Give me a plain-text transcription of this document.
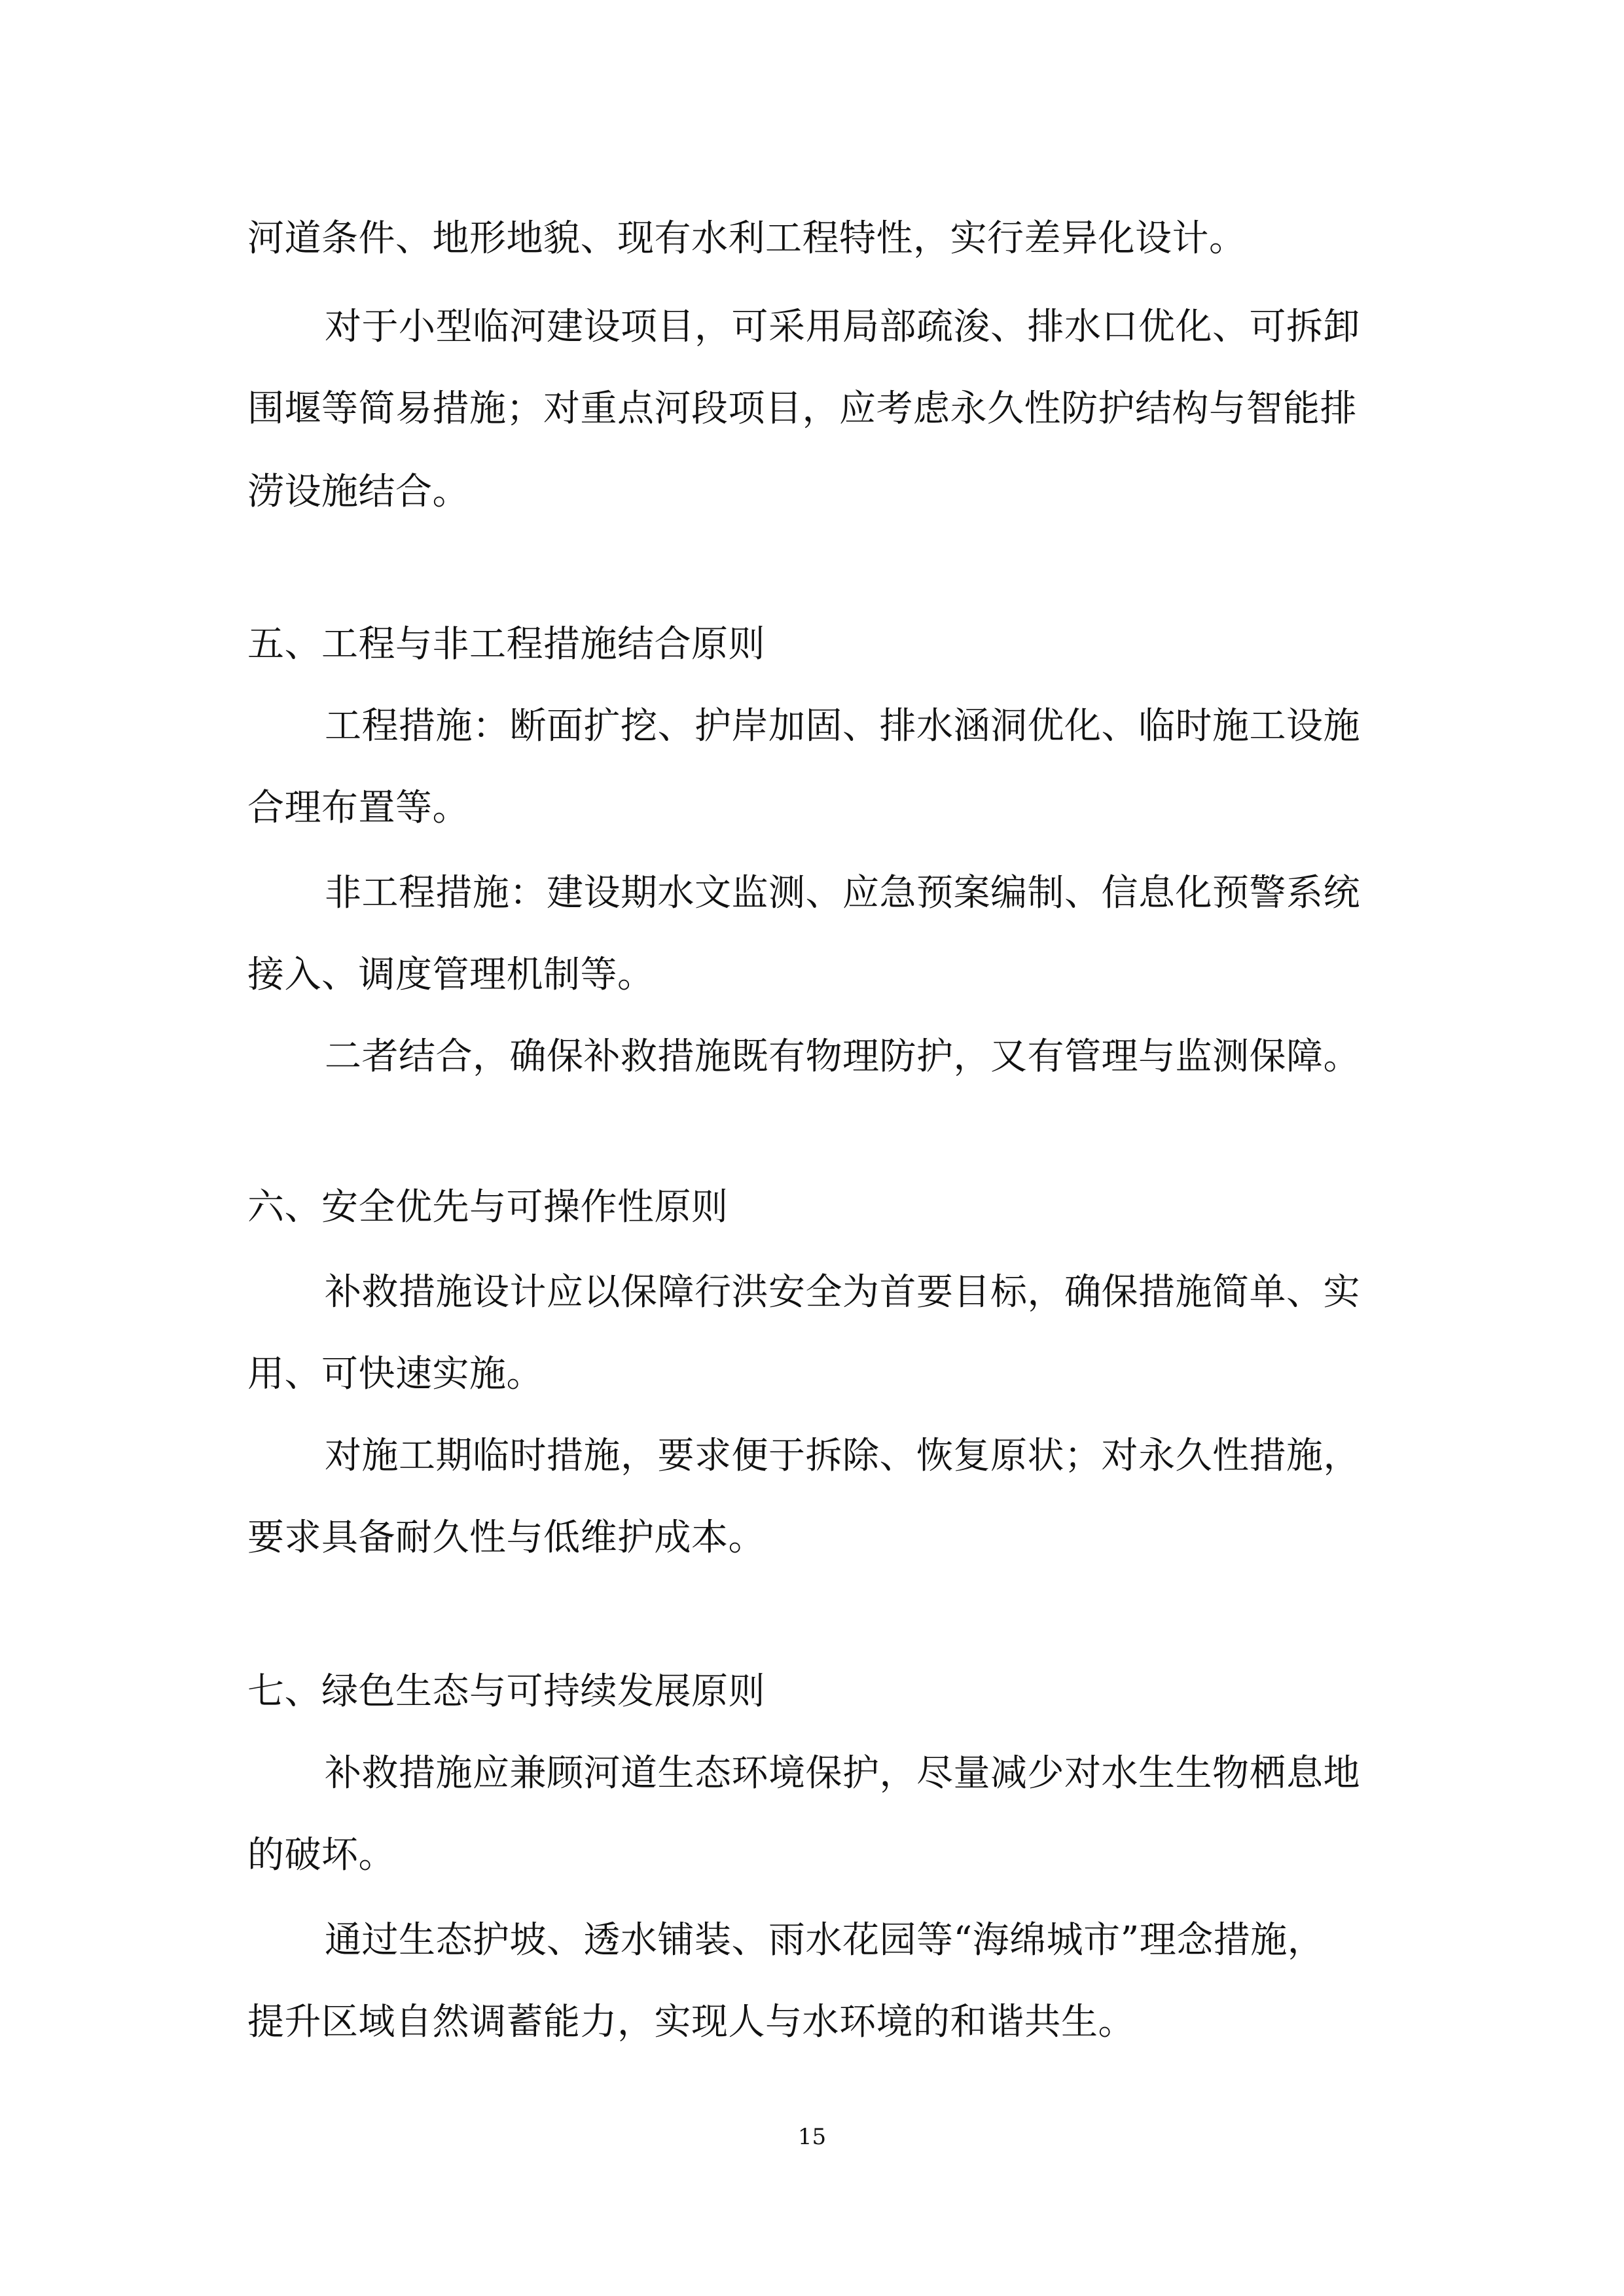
河道条件、地形地貌、现有水利工程特性，实行差异化设计。
对于小型临河建设项目，可采用局部疏浚、排水口优化、可拆卸
围堰等简易措施；对重点河段项目，应考虑永久性防护结构与智能排
涝设施结合。
五、工程与非工程措施结合原则
工程措施：断面扩挖、护岸加固、排水涵洞优化、临时施工设施
合理布置等。
非工程措施：建设期水文监测、应急预案编制、信息化预警系统
接入、调度管理机制等。
二者结合，确保补救措施既有物理防护，又有管理与监测保障。
六、安全优先与可操作性原则
补救措施设计应以保障行洪安全为首要目标，确保措施简单、实
用、可快速实施。
对施工期临时措施，要求便于拆除、恢复原状；对永久性措施，
要求具备耐久性与低维护成本。
七、绿色生态与可持续发展原则
补救措施应兼顾河道生态环境保护，尽量减少对水生生物栖息地
的破坏。
通过生态护坡、透水铺装、雨水花园等“海绵城市”理念措施，
提升区域自然调蓄能力，实现人与水环境的和谐共生。
15
